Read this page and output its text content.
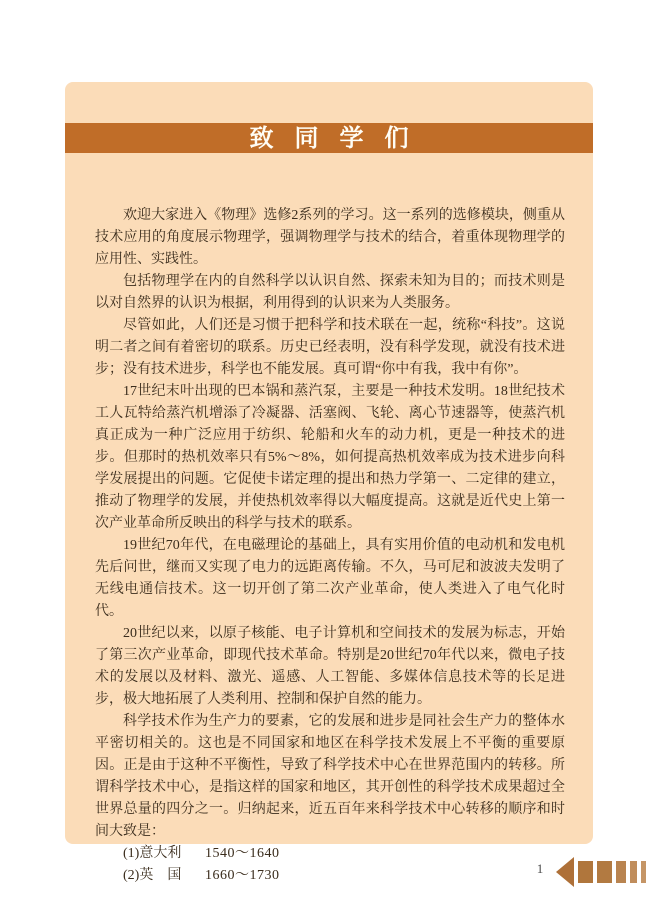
致同学们

欢迎大家进入《物理》选修2系列的学习。这一系列的选修模块，侧重从技术应用的角度展示物理学，强调物理学与技术的结合，着重体现物理学的应用性、实践性。

包括物理学在内的自然科学以认识自然、探索未知为目的；而技术则是以对自然界的认识为根据，利用得到的认识来为人类服务。

尽管如此，人们还是习惯于把科学和技术联在一起，统称“科技”。这说明二者之间有着密切的联系。历史已经表明，没有科学发现，就没有技术进步；没有技术进步，科学也不能发展。真可谓“你中有我，我中有你”。

17世纪末叶出现的巴本锅和蒸汽泵，主要是一种技术发明。18世纪技术工人瓦特给蒸汽机增添了冷凝器、活塞阀、飞轮、离心节速器等，使蒸汽机真正成为一种广泛应用于纺织、轮船和火车的动力机，更是一种技术的进步。但那时的热机效率只有5%～8%，如何提高热机效率成为技术进步向科学发展提出的问题。它促使卡诺定理的提出和热力学第一、二定律的建立，推动了物理学的发展，并使热机效率得以大幅度提高。这就是近代史上第一次产业革命所反映出的科学与技术的联系。

19世纪70年代，在电磁理论的基础上，具有实用价值的电动机和发电机先后问世，继而又实现了电力的远距离传输。不久，马可尼和波波夫发明了无线电通信技术。这一切开创了第二次产业革命，使人类进入了电气化时代。

20世纪以来，以原子核能、电子计算机和空间技术的发展为标志，开始了第三次产业革命，即现代技术革命。特别是20世纪70年代以来，微电子技术的发展以及材料、激光、遥感、人工智能、多媒体信息技术等的长足进步，极大地拓展了人类利用、控制和保护自然的能力。

科学技术作为生产力的要素，它的发展和进步是同社会生产力的整体水平密切相关的。这也是不同国家和地区在科学技术发展上不平衡的重要原因。正是由于这种不平衡性，导致了科学技术中心在世界范围内的转移。所谓科学技术中心，是指这样的国家和地区，其开创性的科学技术成果超过全世界总量的四分之一。归纳起来，近五百年来科学技术中心转移的顺序和时间大致是：

(1)意大利 1540～1640
(2)英　国 1660～1730	1
